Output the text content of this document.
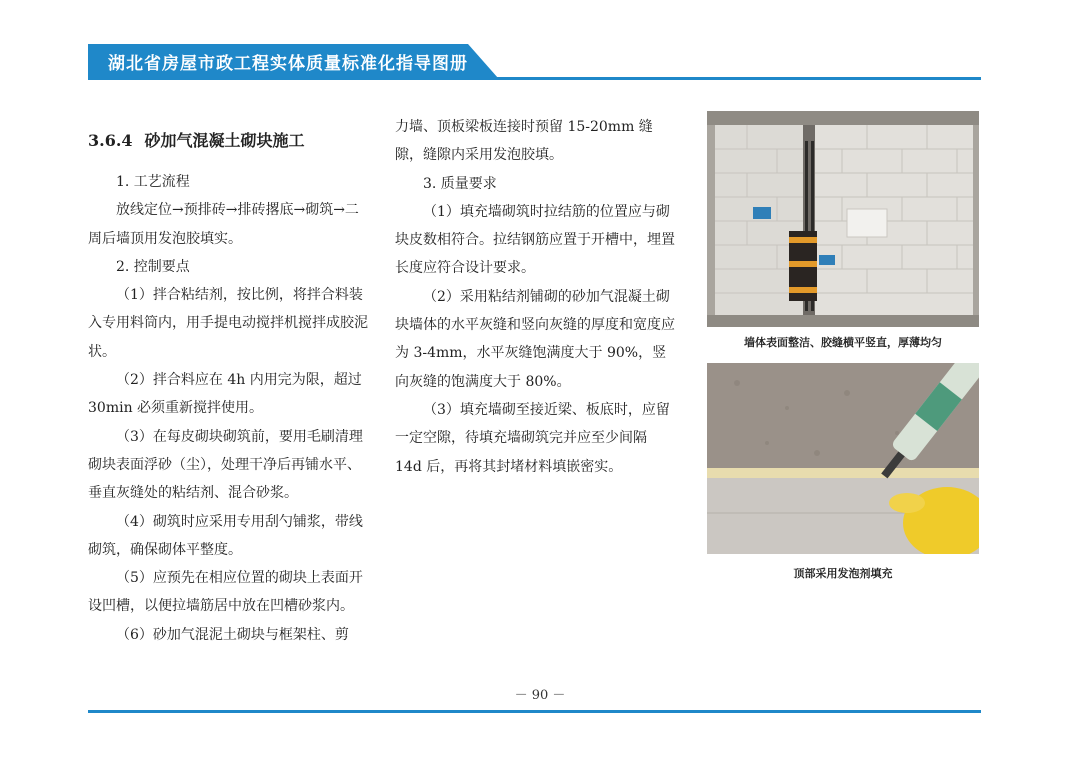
湖北省房屋市政工程实体质量标准化指导图册
3.6.4 砂加气混凝土砌块施工

1. 工艺流程

放线定位→预排砖→排砖撂底→砌筑→二周后墙顶用发泡胶填实。

2. 控制要点

（1）拌合粘结剂，按比例，将拌合料装入专用料筒内，用手提电动搅拌机搅拌成胶泥状。

（2）拌合料应在 4h 内用完为限，超过 30min 必须重新搅拌使用。

（3）在每皮砌块砌筑前，要用毛刷清理砌块表面浮砂（尘），处理干净后再铺水平、垂直灰缝处的粘结剂、混合砂浆。

（4）砌筑时应采用专用刮勺铺浆，带线砌筑，确保砌体平整度。

（5）应预先在相应位置的砌块上表面开设凹槽，以便拉墙筋居中放在凹槽砂浆内。

（6）砂加气混泥土砌块与框架柱、剪

力墙、顶板梁板连接时预留 15-20mm 缝隙，缝隙内采用发泡胶填。

3. 质量要求

（1）填充墙砌筑时拉结筋的位置应与砌块皮数相符合。拉结钢筋应置于开槽中，埋置长度应符合设计要求。

（2）采用粘结剂铺砌的砂加气混凝土砌块墙体的水平灰缝和竖向灰缝的厚度和宽度应为 3-4mm，水平灰缝饱满度大于 90%，竖向灰缝的饱满度大于 80%。

（3）填充墙砌至接近梁、板底时，应留一定空隙，待填充墙砌筑完并应至少间隔 14d 后，再将其封堵材料填嵌密实。

墙体表面整洁、胶缝横平竖直，厚薄均匀
顶部采用发泡剂填充
－ 90 －
